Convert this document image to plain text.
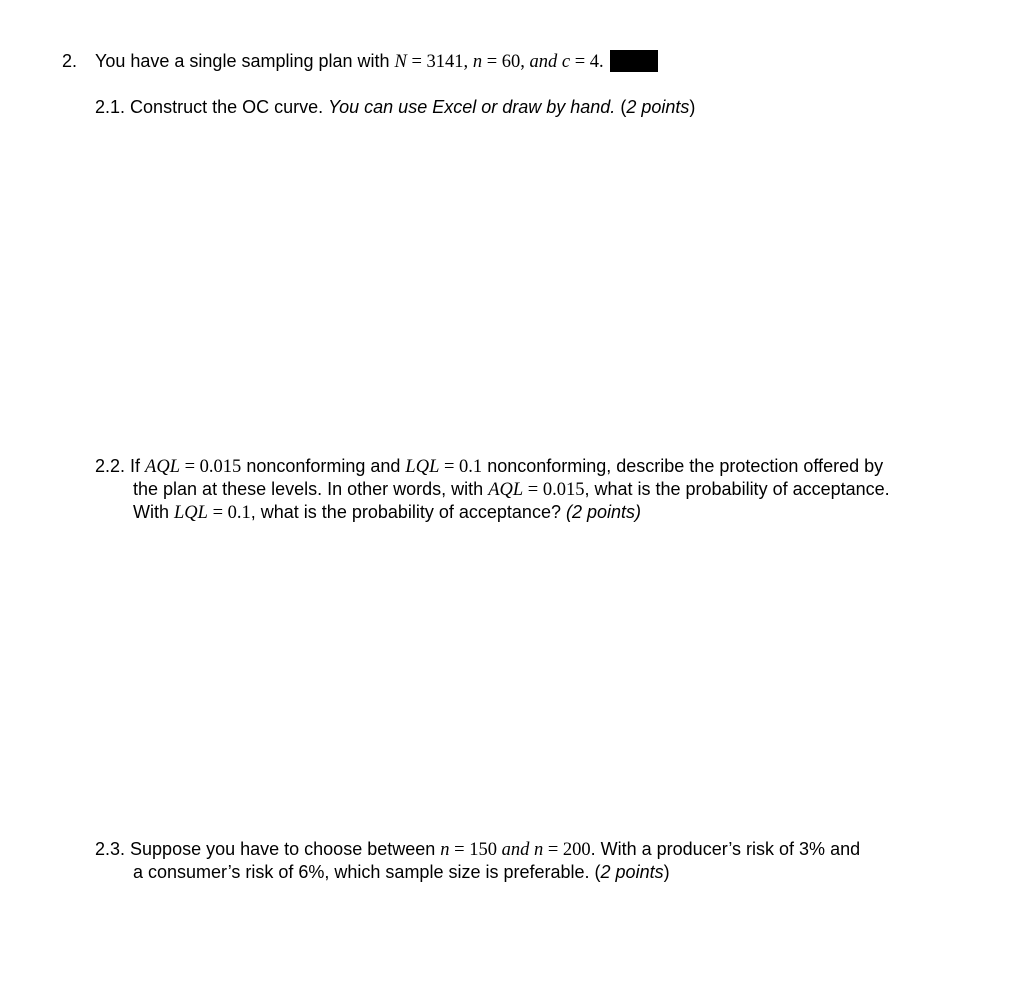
2. You have a single sampling plan with N = 3141, n = 60, and c = 4.
2.1. Construct the OC curve. You can use Excel or draw by hand. (2 points)
2.2. If AQL = 0.015 nonconforming and LQL = 0.1 nonconforming, describe the protection offered by
the plan at these levels. In other words, with AQL = 0.015, what is the probability of acceptance.
With LQL = 0.1, what is the probability of acceptance? (2 points)
2.3. Suppose you have to choose between n = 150 and n = 200. With a producer’s risk of 3% and
a consumer’s risk of 6%, which sample size is preferable. (2 points)
